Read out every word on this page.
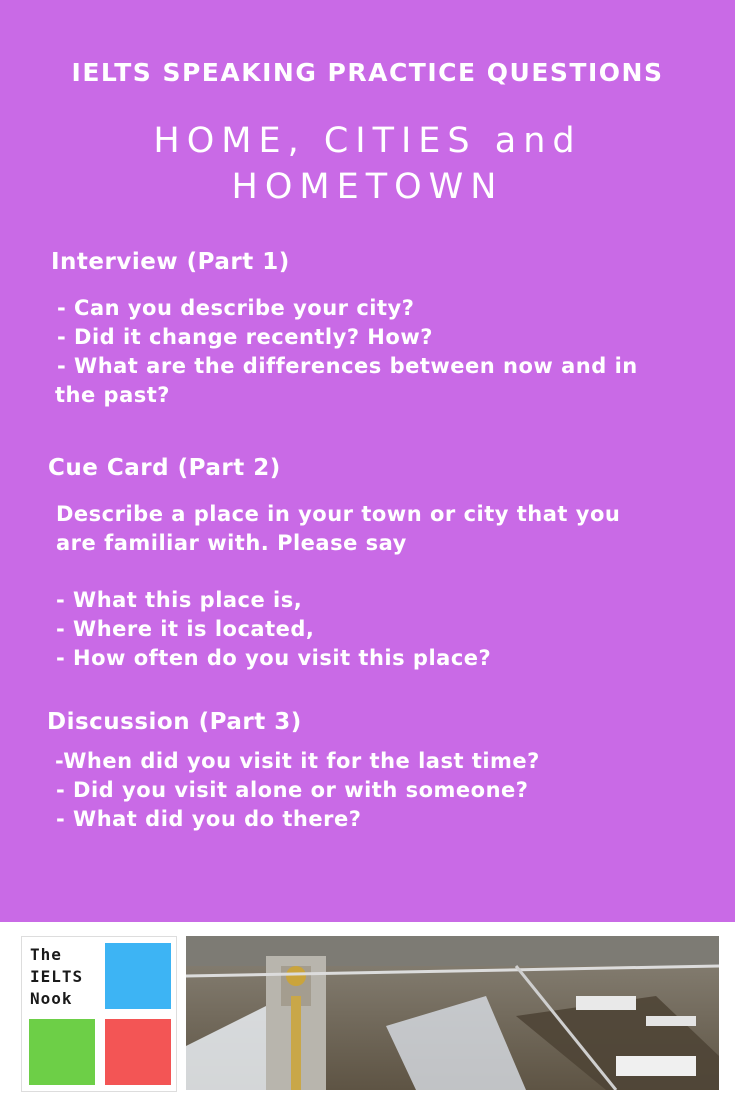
IELTS SPEAKING PRACTICE QUESTIONS
HOME, CITIES and
HOMETOWN
Interview (Part 1)
- Can you describe your city?
- Did it change recently? How?
- What are the differences between now and in
the past?
Cue Card (Part 2)
Describe a place in your town or city that you
are familiar with. Please say
- What this place is,
- Where it is located,
- How often do you visit this place?
Discussion (Part 3)
-When did you visit it for the last time?
- Did you visit alone or with someone?
- What did you do there?
The
IELTS
Nook
